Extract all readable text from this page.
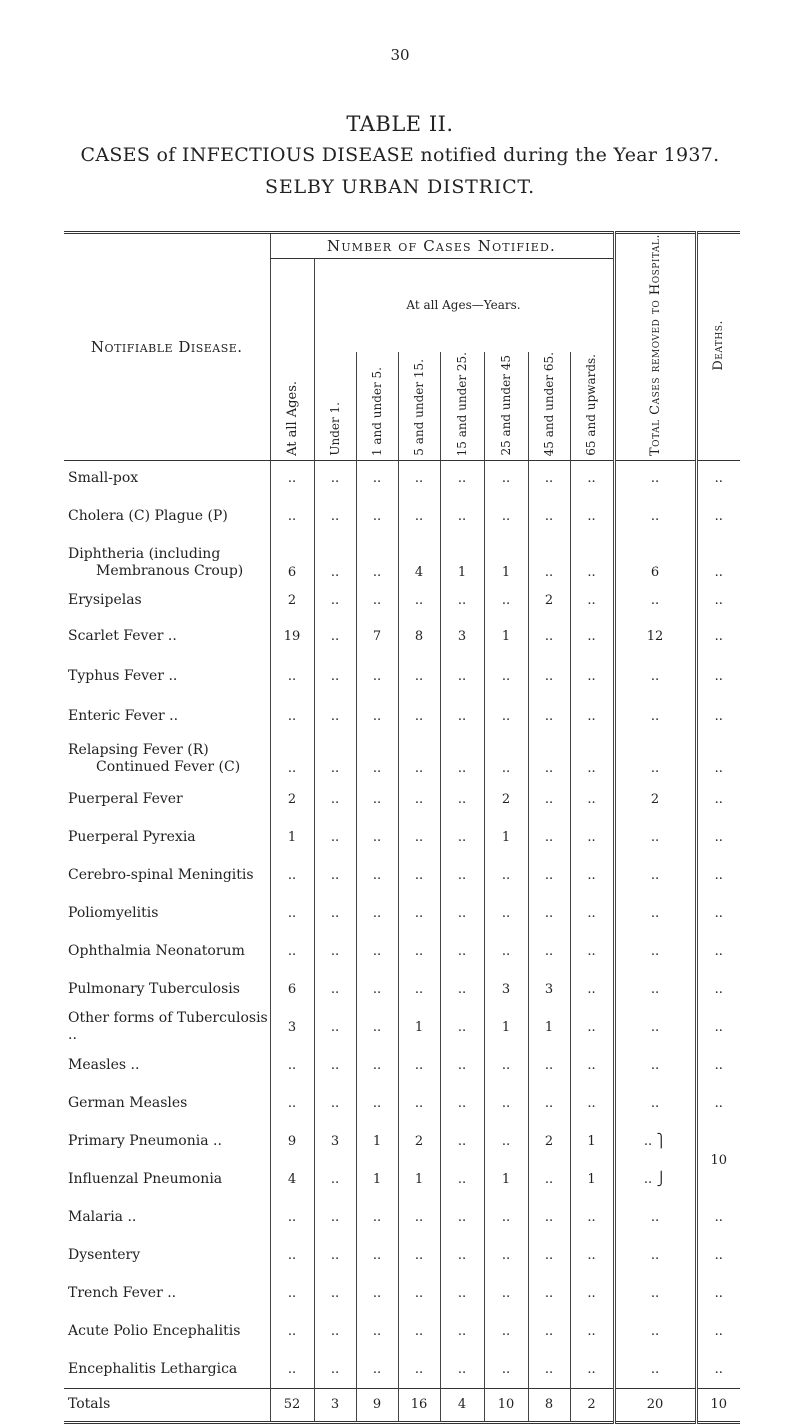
30
TABLE II.
CASES of INFECTIOUS DISEASE notified during the Year 1937.
SELBY URBAN DISTRICT.
Notifiable Disease.	Number of Cases Notified.								Total Cases removed to Hospital.	Deaths.

	At all Ages.	At all Ages—Years.								

		Under 1.	1 and under 5.	5 and under 15.	15 and under 25.	25 and under 45	45 and under 65.	65 and upwards.		

Small-pox	..	..	..	..	..	..	..	..	..	..
Cholera (C) Plague (P)	..	..	..	..	..	..	..	..	..	..

Diphtheria (including
Membranous Croup)	6	..	..	4	1	1	..	..	6	..
Erysipelas	2	..	..	..	..	..	2	..	..	..
Scarlet Fever ..	19	..	7	8	3	1	..	..	12	..
Typhus Fever ..	..	..	..	..	..	..	..	..	..	..
Enteric Fever ..	..	..	..	..	..	..	..	..	..	..

Relapsing Fever (R)
Continued Fever (C)	..	..	..	..	..	..	..	..	..	..
Puerperal Fever	2	..	..	..	..	2	..	..	2	..
Puerperal Pyrexia	1	..	..	..	..	1	..	..	..	..
Cerebro-spinal Meningitis	..	..	..	..	..	..	..	..	..	..
Poliomyelitis	..	..	..	..	..	..	..	..	..	..
Ophthalmia Neonatorum	..	..	..	..	..	..	..	..	..	..
Pulmonary Tuberculosis	6	..	..	..	..	3	3	..	..	..
Other forms of Tuberculosis ..	3	..	..	1	..	1	1	..	..	..
Measles ..	..	..	..	..	..	..	..	..	..	..
German Measles	..	..	..	..	..	..	..	..	..	..
Primary Pneumonia ..	9	3	1	2	..	..	2	1	.. ⎫	10
Influenzal Pneumonia	4	..	1	1	..	1	..	1	.. ⎭	
Malaria ..	..	..	..	..	..	..	..	..	..	..
Dysentery	..	..	..	..	..	..	..	..	..	..
Trench Fever ..	..	..	..	..	..	..	..	..	..	..
Acute Polio Encephalitis	..	..	..	..	..	..	..	..	..	..
Encephalitis Lethargica	..	..	..	..	..	..	..	..	..	..
Totals	52	3	9	16	4	10	8	2	20	10
